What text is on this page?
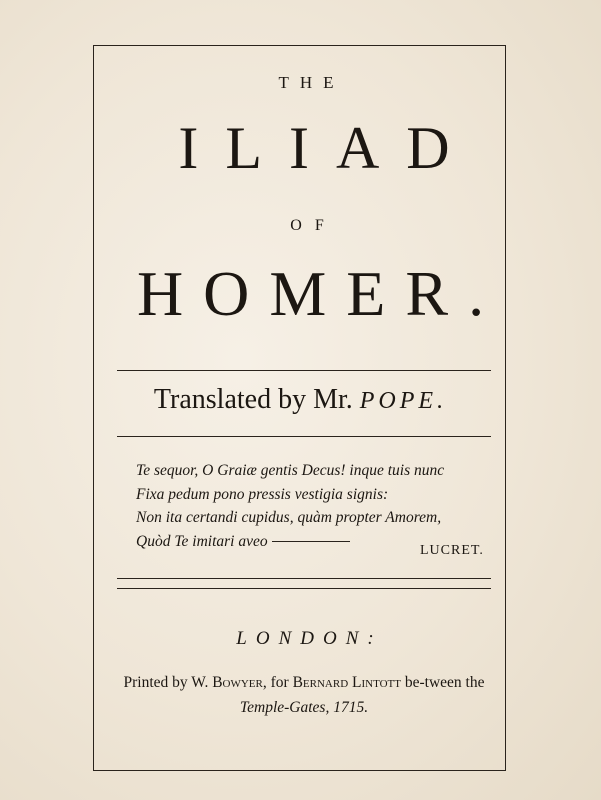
THE
ILIAD
OF
HOMER.
Translated by Mr. POPE.
Te sequor, O Graiæ gentis Decus! inque tuis nunc
Fixa pedum pono pressis vestigia signis:
Non ita certandi cupidus, quàm propter Amorem,
Quòd Te imitari aveo
LUCRET.
LONDON:
Printed by W. Bowyer, for Bernard Lintott be-tween the Temple-Gates, 1715.
